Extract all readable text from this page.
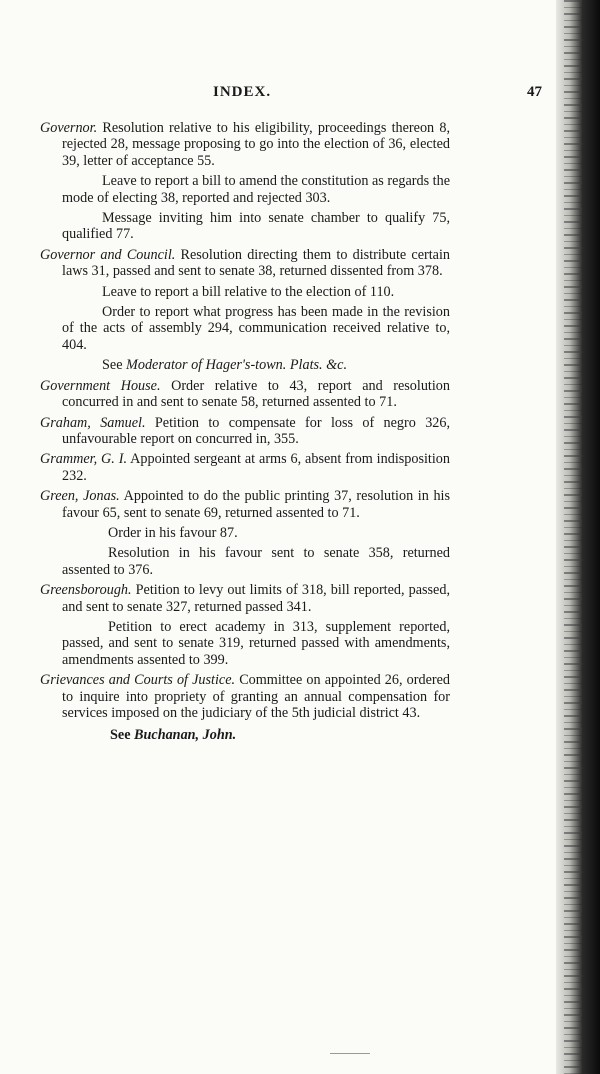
INDEX.	47
Governor. Resolution relative to his eligibility, proceedings thereon 8, rejected 28, message proposing to go into the election of 36, elected 39, letter of acceptance 55.
Leave to report a bill to amend the constitution as regards the mode of electing 38, reported and rejected 303.
Message inviting him into senate chamber to qualify 75, qualified 77.
Governor and Council. Resolution directing them to distribute certain laws 31, passed and sent to senate 38, returned dissented from 378.
Leave to report a bill relative to the election of 110.
Order to report what progress has been made in the revision of the acts of assembly 294, communication received relative to, 404.
See Moderator of Hager's-town. Plats. &c.
Government House. Order relative to 43, report and resolution concurred in and sent to senate 58, returned assented to 71.
Graham, Samuel. Petition to compensate for loss of negro 326, unfavourable report on concurred in, 355.
Grammer, G. I. Appointed sergeant at arms 6, absent from indisposition 232.
Green, Jonas. Appointed to do the public printing 37, resolution in his favour 65, sent to senate 69, returned assented to 71.
Order in his favour 87.
Resolution in his favour sent to senate 358, returned assented to 376.
Greensborough. Petition to levy out limits of 318, bill reported, passed, and sent to senate 327, returned passed 341.
Petition to erect academy in 313, supplement reported, passed, and sent to senate 319, returned passed with amendments, amendments assented to 399.
Grievances and Courts of Justice. Committee on appointed 26, ordered to inquire into propriety of granting an annual compensation for services imposed on the judiciary of the 5th judicial district 43.
See Buchanan, John.
